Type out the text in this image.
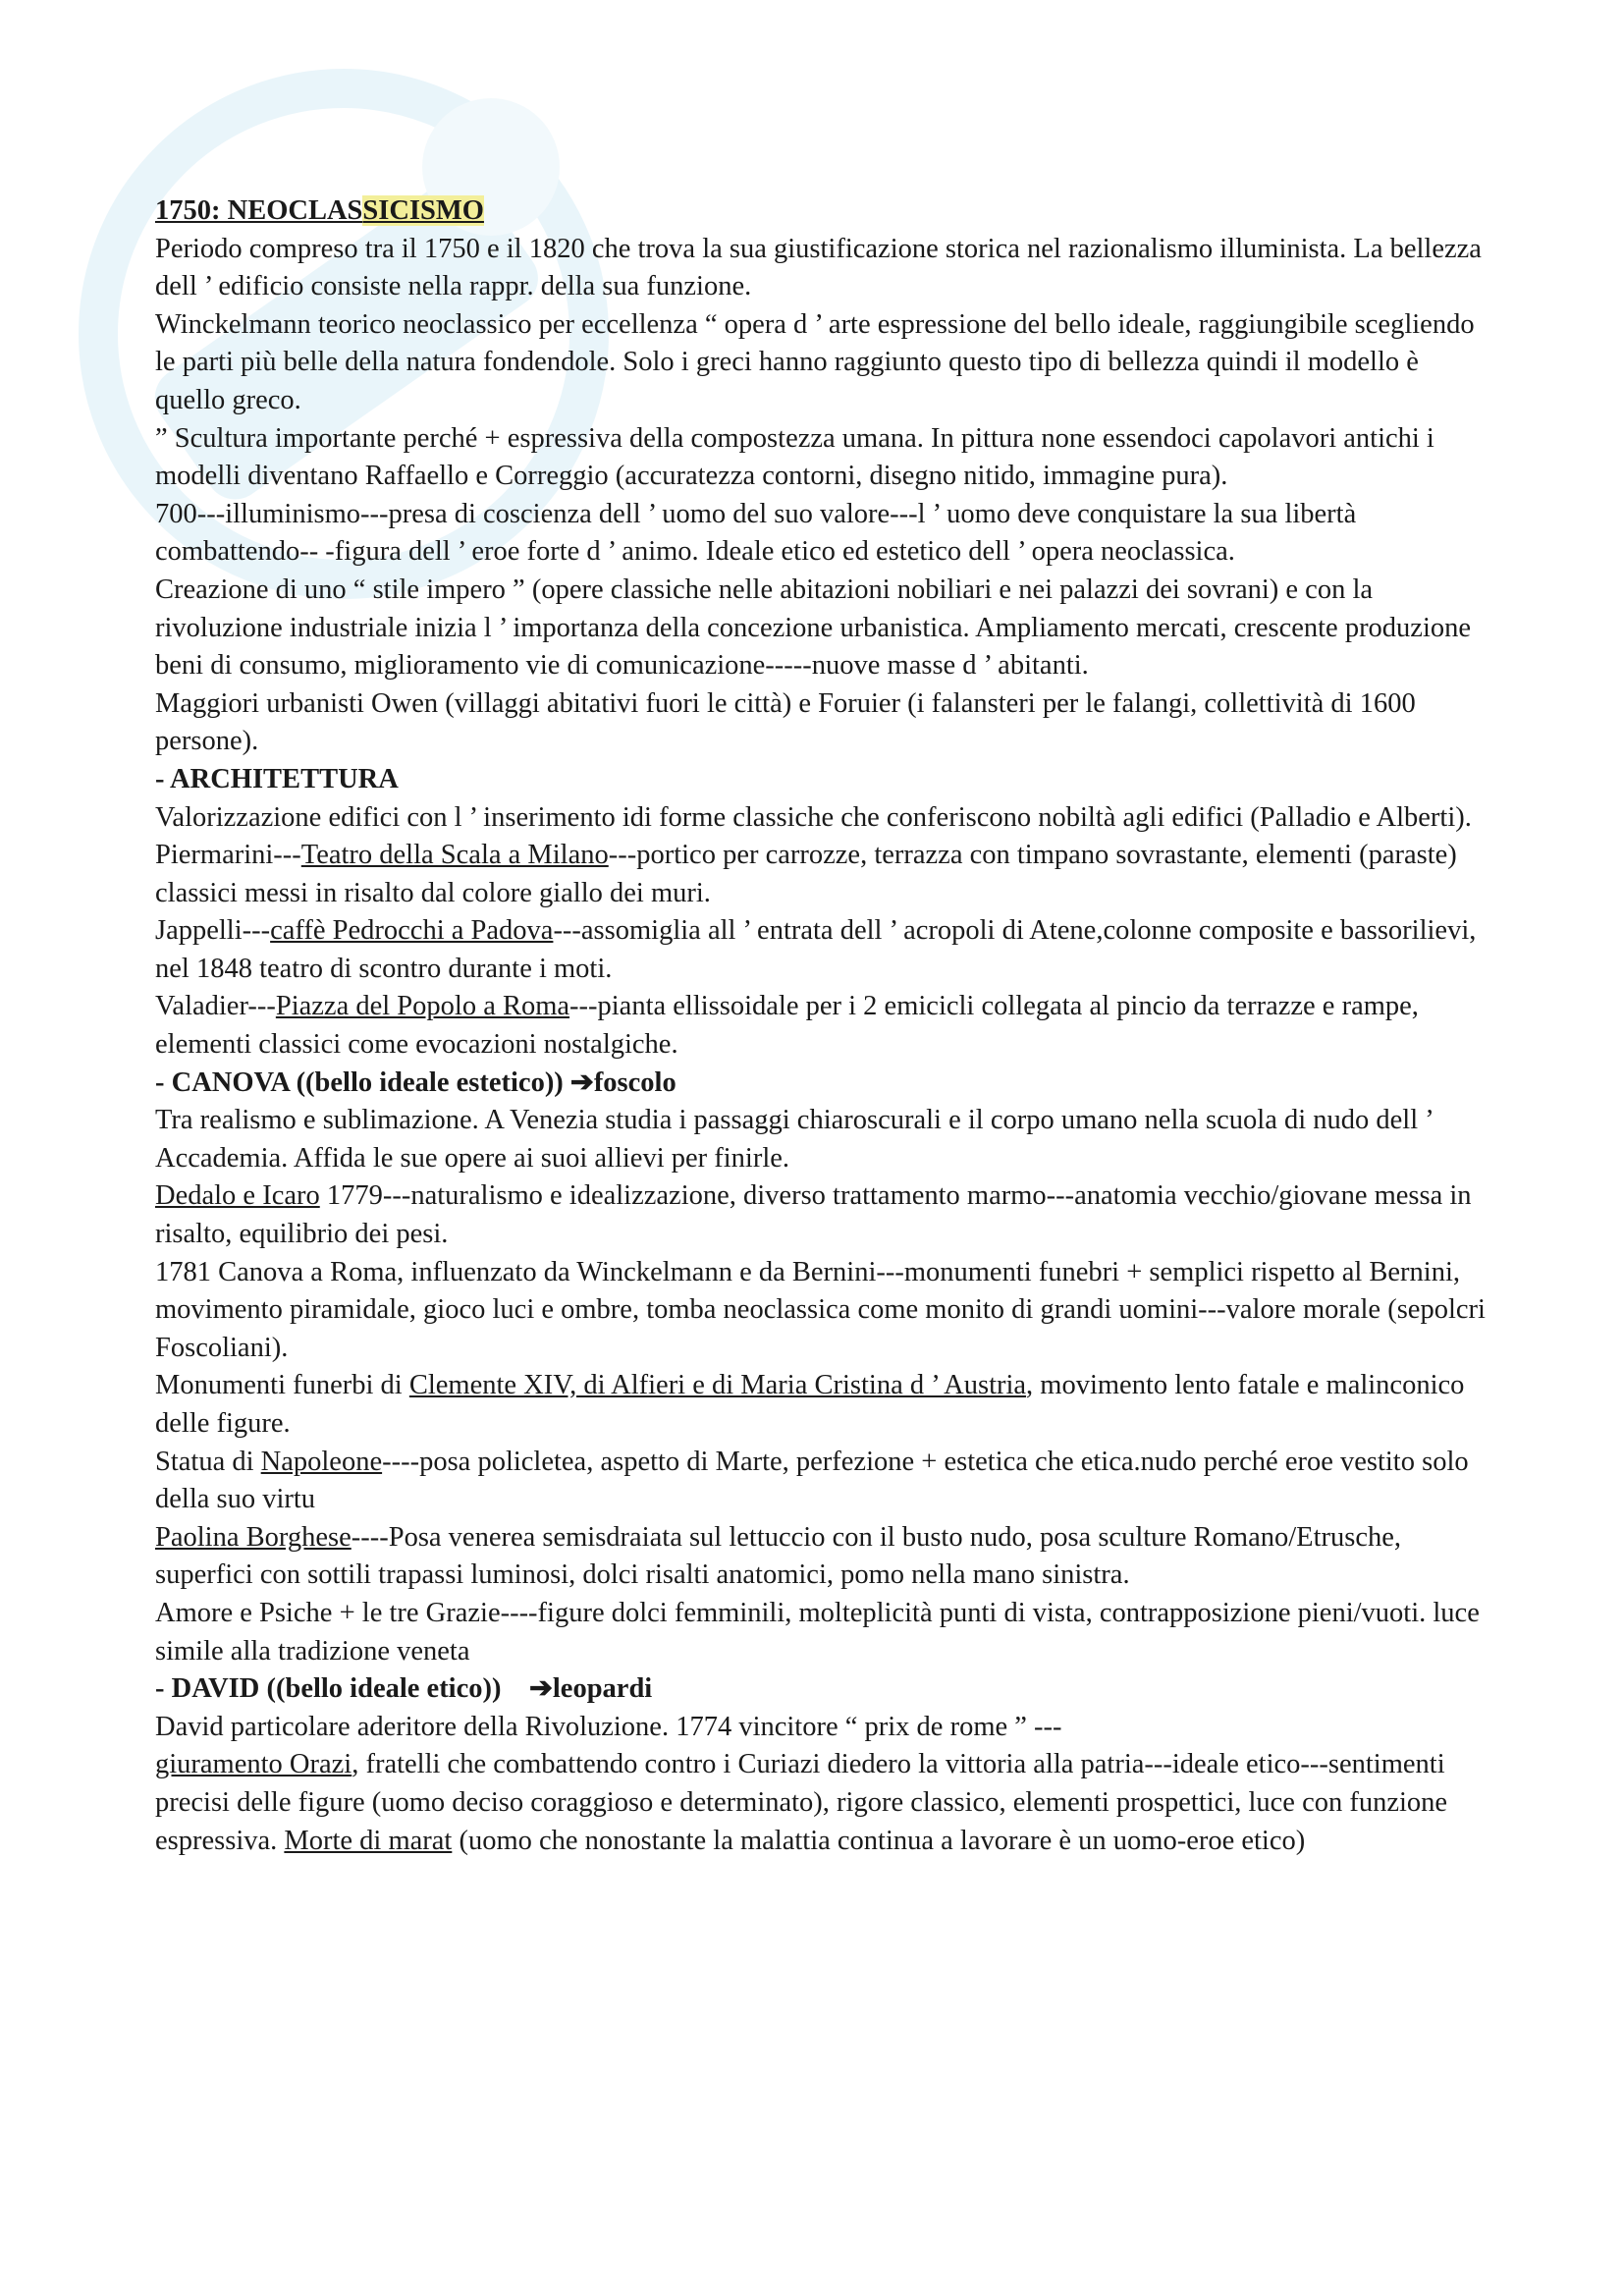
1750: NEOCLASSICISMO

Periodo compreso tra il 1750 e il 1820 che trova la sua giustificazione storica nel razionalismo illuminista. La bellezza dell ’ edificio consiste nella rappr. della sua funzione.

Winckelmann teorico neoclassico per eccellenza “ opera d ’ arte espressione del bello ideale, raggiungibile scegliendo le parti più belle della natura fondendole. Solo i greci hanno raggiunto questo tipo di bellezza quindi il modello è quello greco.

” Scultura importante perché + espressiva della compostezza umana. In pittura none essendoci capolavori antichi i modelli diventano Raffaello e Correggio (accuratezza contorni, disegno nitido, immagine pura).

700---illuminismo---presa di coscienza dell ’ uomo del suo valore---l ’ uomo deve conquistare la sua libertà combattendo-- -figura dell ’ eroe forte d ’ animo. Ideale etico ed estetico dell ’ opera neoclassica.

Creazione di uno “ stile impero ” (opere classiche nelle abitazioni nobiliari e nei palazzi dei sovrani) e con la rivoluzione industriale inizia l ’ importanza della concezione urbanistica. Ampliamento mercati, crescente produzione beni di consumo, miglioramento vie di comunicazione-----nuove masse d ’ abitanti.

Maggiori urbanisti Owen (villaggi abitativi fuori le città) e Foruier (i falansteri per le falangi, collettività di 1600 persone).

- ARCHITETTURA

Valorizzazione edifici con l ’ inserimento idi forme classiche che conferiscono nobiltà agli edifici (Palladio e Alberti).

Piermarini---Teatro della Scala a Milano---portico per carrozze, terrazza con timpano sovrastante, elementi (paraste) classici messi in risalto dal colore giallo dei muri.

Jappelli---caffè Pedrocchi a Padova---assomiglia all ’ entrata dell ’ acropoli di Atene,colonne composite e bassorilievi, nel 1848 teatro di scontro durante i moti.

Valadier---Piazza del Popolo a Roma---pianta ellissoidale per i 2 emicicli collegata al pincio da terrazze e rampe, elementi classici come evocazioni nostalgiche.

- CANOVA ((bello ideale estetico)) ➔foscolo

Tra realismo e sublimazione. A Venezia studia i passaggi chiaroscurali e il corpo umano nella scuola di nudo dell ’ Accademia. Affida le sue opere ai suoi allievi per finirle.

Dedalo e Icaro 1779---naturalismo e idealizzazione, diverso trattamento marmo---anatomia vecchio/giovane messa in risalto, equilibrio dei pesi.

1781 Canova a Roma, influenzato da Winckelmann e da Bernini---monumenti funebri + semplici rispetto al Bernini, movimento piramidale, gioco luci e ombre, tomba neoclassica come monito di grandi uomini---valore morale (sepolcri Foscoliani).

Monumenti funerbi di Clemente XIV, di Alfieri e di Maria Cristina d ’ Austria, movimento lento fatale e malinconico delle figure.

Statua di Napoleone----posa policletea, aspetto di Marte, perfezione + estetica che etica.nudo perché eroe vestito solo della suo virtu

Paolina Borghese----Posa venerea semisdraiata sul lettuccio con il busto nudo, posa sculture Romano/Etrusche, superfici con sottili trapassi luminosi, dolci risalti anatomici, pomo nella mano sinistra.

Amore e Psiche + le tre Grazie----figure dolci femminili, molteplicità punti di vista, contrapposizione pieni/vuoti. luce simile alla tradizione veneta

- DAVID ((bello ideale etico))    ➔leopardi

David particolare aderitore della Rivoluzione. 1774 vincitore “ prix de rome ” ---

giuramento Orazi, fratelli che combattendo contro i Curiazi diedero la vittoria alla patria---ideale etico---sentimenti precisi delle figure (uomo deciso coraggioso e determinato), rigore classico, elementi prospettici, luce con funzione espressiva. Morte di marat (uomo che nonostante la malattia continua a lavorare è un uomo-eroe etico)
